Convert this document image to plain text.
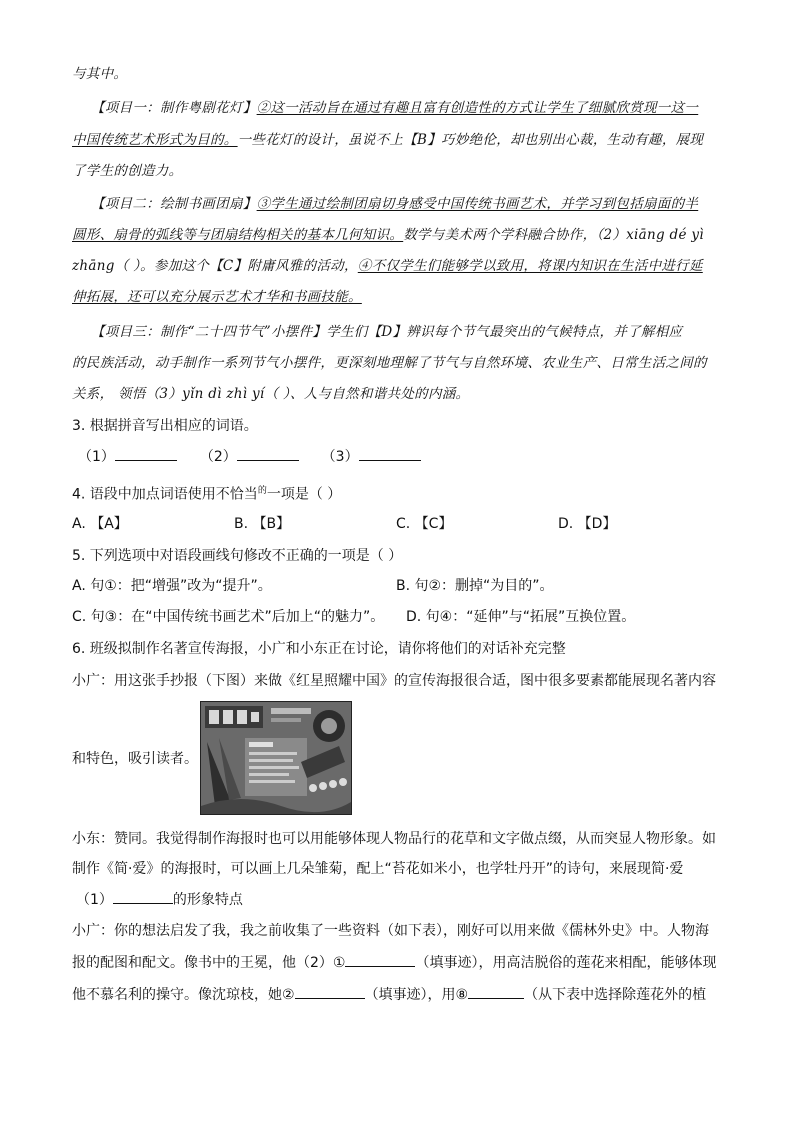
与其中。
【项目一：制作粤剧花灯】②这一活动旨在通过有趣且富有创造性的方式让学生了细腻欣赏现一这一
中国传统艺术形式为目的。一些花灯的设计，虽说不上【B】巧妙绝伦，却也别出心裁，生动有趣，展现
了学生的创造力。
【项目二：绘制书画团扇】③学生通过绘制团扇切身感受中国传统书画艺术，并学习到包括扇面的半
圆形、扇骨的弧线等与团扇结构相关的基本几何知识。数学与美术两个学科融合协作，（2）xiāng dé yì
zhāng（ ）。参加这个【C】附庸风雅的活动，④不仅学生们能够学以致用，将课内知识在生活中进行延
伸拓展，还可以充分展示艺术才华和书画技能。
【项目三：制作“二十四节气”小摆件】学生们【D】辨识每个节气最突出的气候特点，并了解相应
的民族活动，动手制作一系列节气小摆件，更深刻地理解了节气与自然环境、农业生产、日常生活之间的
关系， 领悟（3）yǐn dì zhì yí（ ）、人与自然和谐共处的内涵。
3. 根据拼音写出相应的词语。
（1）	（2）	（3）
4. 语段中加点词语使用不恰当$^的$一项是（ ）
A. 【A】	B. 【B】	C. 【C】	D. 【D】
5. 下列选项中对语段画线句修改不正确的一项是（ ）
A. 句①：把“增强”改为“提升”。	B. 句②：删掉“为目的”。
C. 句③：在“中国传统书画艺术”后加上“的魅力”。 D. 句④：“延伸”与“拓展”互换位置。
6. 班级拟制作名著宣传海报，小广和小东正在讨论，请你将他们的对话补充完整
小广：用这张手抄报（下图）来做《红星照耀中国》的宣传海报很合适，图中很多要素都能展现名著内容
和特色，吸引读者。
小东：赞同。我觉得制作海报时也可以用能够体现人物品行的花草和文字做点缀，从而突显人物形象。如
制作《简·爱》的海报时，可以画上几朵雏菊，配上“苔花如米小，也学牡丹开”的诗句，来展现简·爱
（1）	的形象特点
小广：你的想法启发了我，我之前收集了一些资料（如下表），刚好可以用来做《儒林外史》中。人物海
报的配图和配文。像书中的王冕，他（2）①	（填事迹），用高洁脱俗的莲花来相配，能够体现
他不慕名利的操守。像沈琼枝，她②	（填事迹），用⑧	（从下表中选择除莲花外的植
